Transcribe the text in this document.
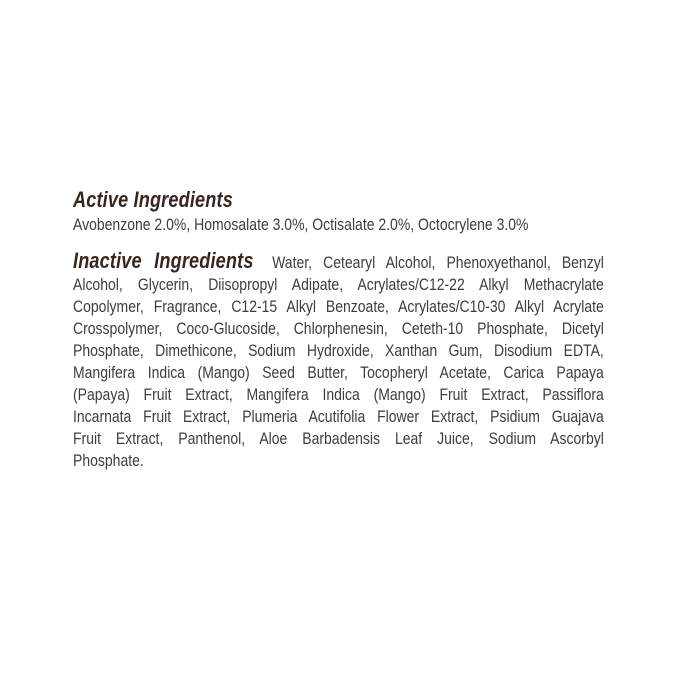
Active Ingredients
Avobenzone 2.0%, Homosalate 3.0%, Octisalate 2.0%, Octocrylene 3.0%
Inactive Ingredients Water, Cetearyl Alcohol, Phenoxyethanol, Benzyl
Alcohol, Glycerin, Diisopropyl Adipate, Acrylates/C12-22 Alkyl Methacrylate
Copolymer, Fragrance, C12-15 Alkyl Benzoate, Acrylates/C10-30 Alkyl Acrylate
Crosspolymer, Coco-Glucoside, Chlorphenesin, Ceteth-10 Phosphate, Dicetyl
Phosphate, Dimethicone, Sodium Hydroxide, Xanthan Gum, Disodium EDTA,
Mangifera Indica (Mango) Seed Butter, Tocopheryl Acetate, Carica Papaya
(Papaya) Fruit Extract, Mangifera Indica (Mango) Fruit Extract, Passiflora
Incarnata Fruit Extract, Plumeria Acutifolia Flower Extract, Psidium Guajava
Fruit Extract, Panthenol, Aloe Barbadensis Leaf Juice, Sodium Ascorbyl
Phosphate.
